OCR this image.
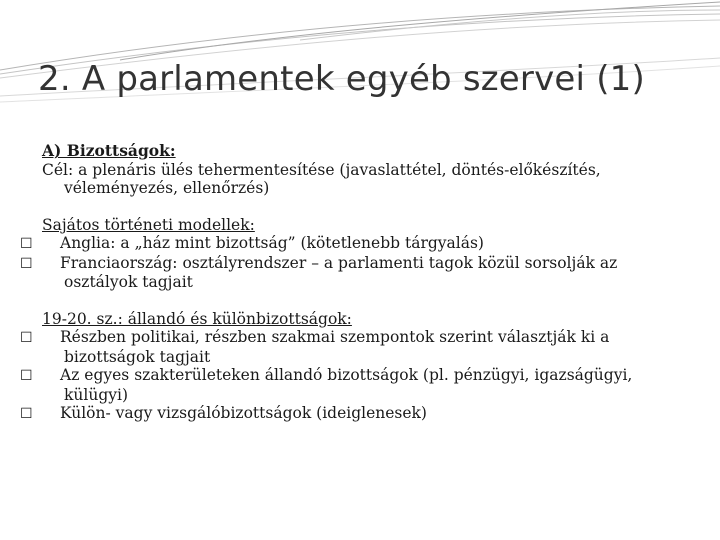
2. A parlamentek egyéb szervei (1)

A) Bizottságok:

Cél: a plenáris ülés tehermentesítése (javaslattétel, döntés-előkészítés, véleményezés, ellenőrzés)

Sajátos történeti modellek:

☐ Anglia: a „ház mint bizottság” (kötetlenebb tárgyalás)

☐ Franciaország: osztályrendszer – a parlamenti tagok közül sorsolják az osztályok tagjait

19-20. sz.: állandó és különbizottságok:

☐ Részben politikai, részben szakmai szempontok szerint választják ki a bizottságok tagjait

☐ Az egyes szakterületeken állandó bizottságok (pl. pénzügyi, igazságügyi, külügyi)

☐ Külön- vagy vizsgálóbizottságok (ideiglenesek)
